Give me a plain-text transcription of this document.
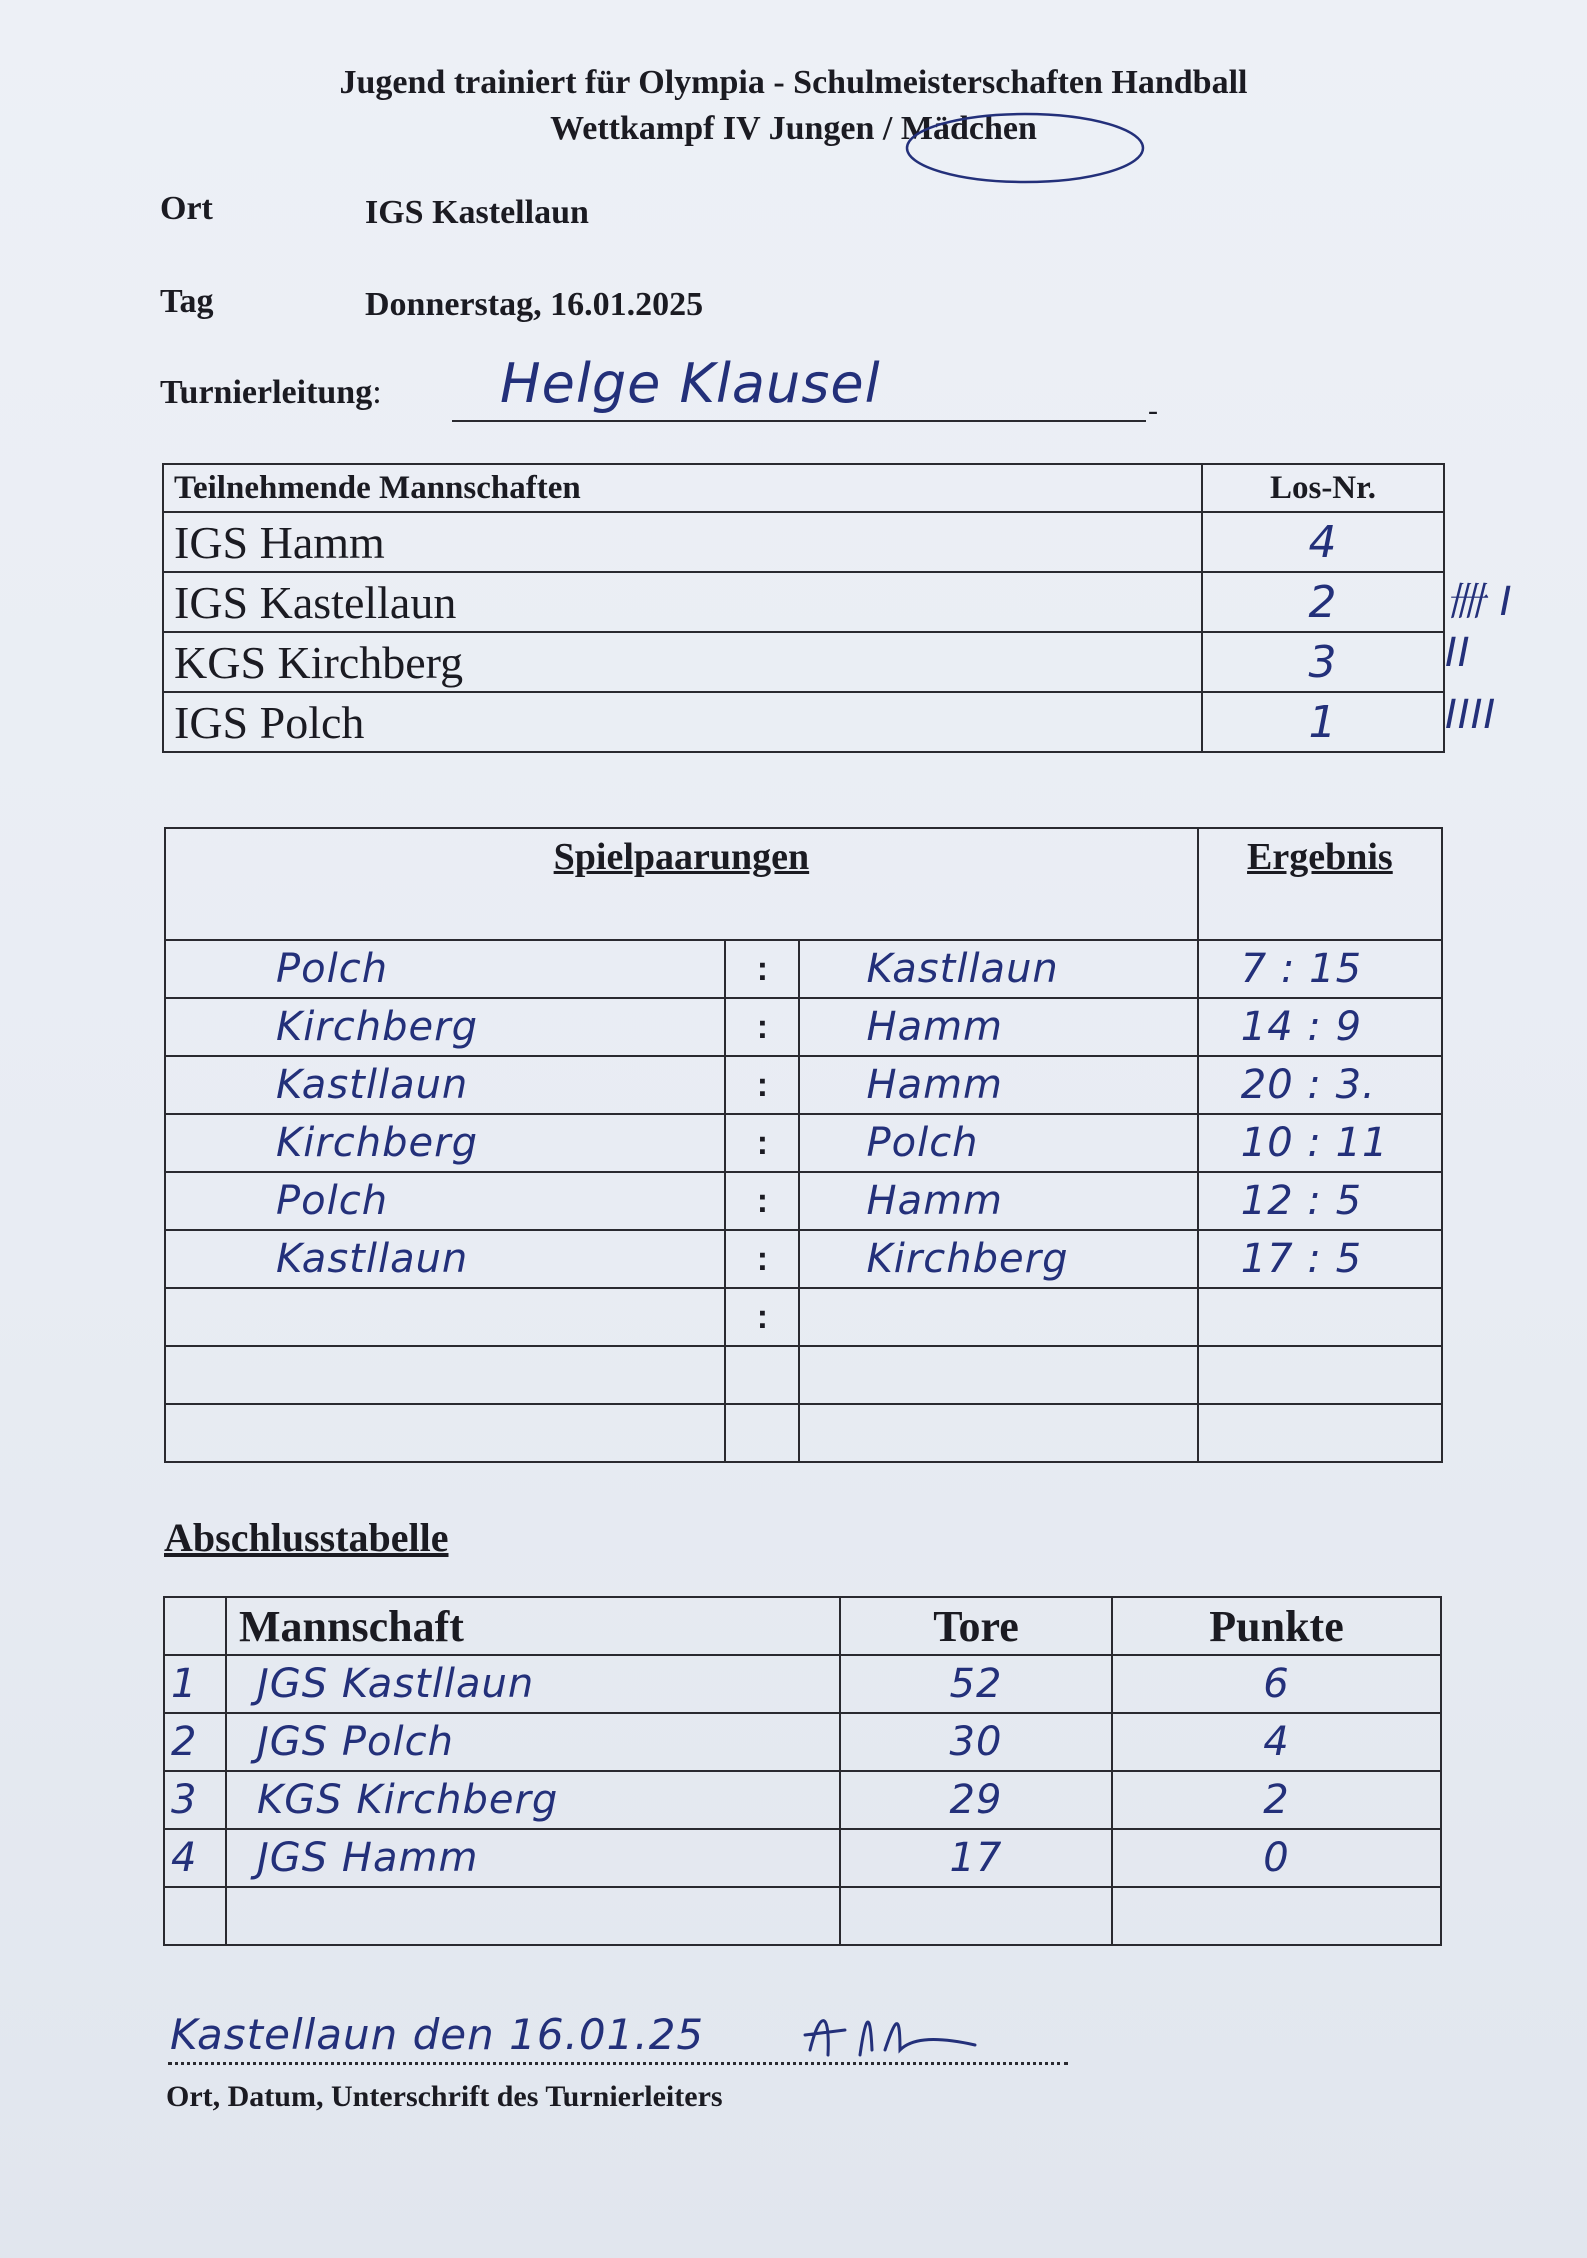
Jugend trainiert für Olympia - Schulmeisterschaften Handball
Wettkampf IV Jungen / Mädchen
Ort	IGS Kastellaun
Tag	Donnerstag, 16.01.2025
Turnierleitung: Helge Klausel	-
Teilnehmende Mannschaften	Los-Nr.
IGS Hamm	4
IGS Kastellaun	2
KGS Kirchberg	3
IGS Polch	1
卌 I
II
IIII
Spielpaarungen			Ergebnis
Polch	:	Kastllaun	7 : 15
Kirchberg	:	Hamm	14 : 9
Kastllaun	:	Hamm	20 : 3.
Kirchberg	:	Polch	10 : 11
Polch	:	Hamm	12 : 5
Kastllaun	:	Kirchberg	17 : 5
	:		

Abschlusstabelle
	Mannschaft	Tore	Punkte
1	JGS Kastllaun	52	6
2	JGS Polch	30	4
3	KGS Kirchberg	29	2
4	JGS Hamm	17	0

Kastellaun den 16.01.25
Ort, Datum, Unterschrift des Turnierleiters
